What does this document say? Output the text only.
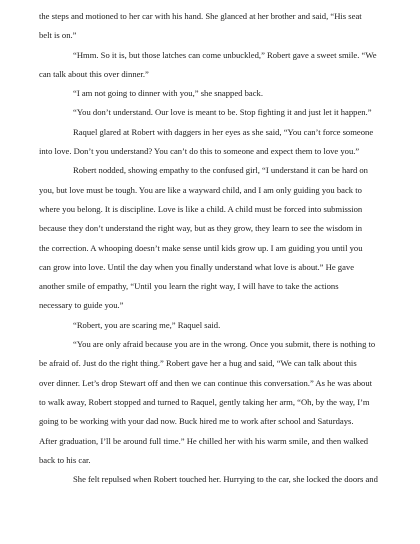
the steps and motioned to her car with his hand. She glanced at her brother and said, “His seat
belt is on.”
“Hmm. So it is, but those latches can come unbuckled,” Robert gave a sweet smile. “We
can talk about this over dinner.”
“I am not going to dinner with you,” she snapped back.
“You don’t understand. Our love is meant to be. Stop fighting it and just let it happen.”
Raquel glared at Robert with daggers in her eyes as she said, “You can’t force someone
into love. Don’t you understand? You can’t do this to someone and expect them to love you.”
Robert nodded, showing empathy to the confused girl, “I understand it can be hard on
you, but love must be tough. You are like a wayward child, and I am only guiding you back to
where you belong. It is discipline. Love is like a child. A child must be forced into submission
because they don’t understand the right way, but as they grow, they learn to see the wisdom in
the correction. A whooping doesn’t make sense until kids grow up. I am guiding you until you
can grow into love. Until the day when you finally understand what love is about.” He gave
another smile of empathy, “Until you learn the right way, I will have to take the actions
necessary to guide you.”
“Robert, you are scaring me,” Raquel said.
“You are only afraid because you are in the wrong. Once you submit, there is nothing to
be afraid of. Just do the right thing.” Robert gave her a hug and said, “We can talk about this
over dinner. Let’s drop Stewart off and then we can continue this conversation.” As he was about
to walk away, Robert stopped and turned to Raquel, gently taking her arm, “Oh, by the way, I’m
going to be working with your dad now. Buck hired me to work after school and Saturdays.
After graduation, I’ll be around full time.” He chilled her with his warm smile, and then walked
back to his car.
She felt repulsed when Robert touched her. Hurrying to the car, she locked the doors and
